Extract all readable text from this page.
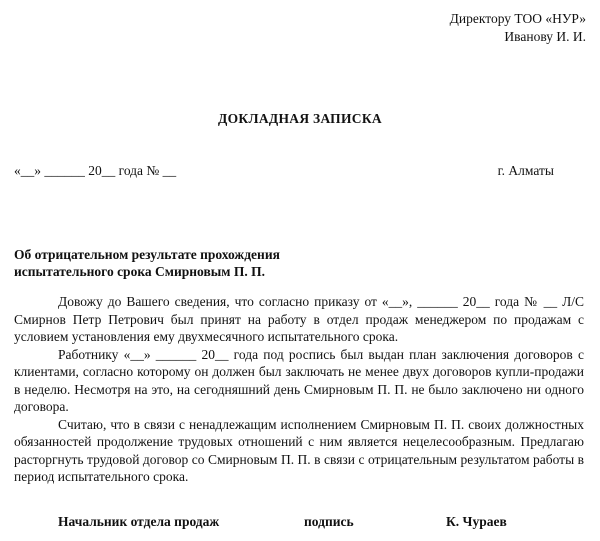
Директору ТОО «НУР»
Иванову И. И.
ДОКЛАДНАЯ ЗАПИСКА
«__» ______ 20__ года № __	г. Алматы
Об отрицательном результате прохождения
испытательного срока Смирновым П. П.

Довожу до Вашего сведения, что согласно приказу от «__», ______ 20__ года № __ Л/С Смирнов Петр Петрович был принят на работу в отдел продаж менеджером по продажам с условием установления ему двухмесячного испытательного срока.

Работнику «__» ______ 20__ года под роспись был выдан план заключения договоров с клиентами, согласно которому он должен был заключать не менее двух договоров купли-продажи в неделю. Несмотря на это, на сегодняшний день Смирновым П. П. не было заключено ни одного договора.

Считаю, что в связи с ненадлежащим исполнением Смирновым П. П. своих должностных обязанностей продолжение трудовых отношений с ним является нецелесообразным. Предлагаю расторгнуть трудовой договор со Смирновым П. П. в связи с отрицательным результатом работы в период испытательного срока.

Начальник отдела продаж	подпись	К. Чураев
